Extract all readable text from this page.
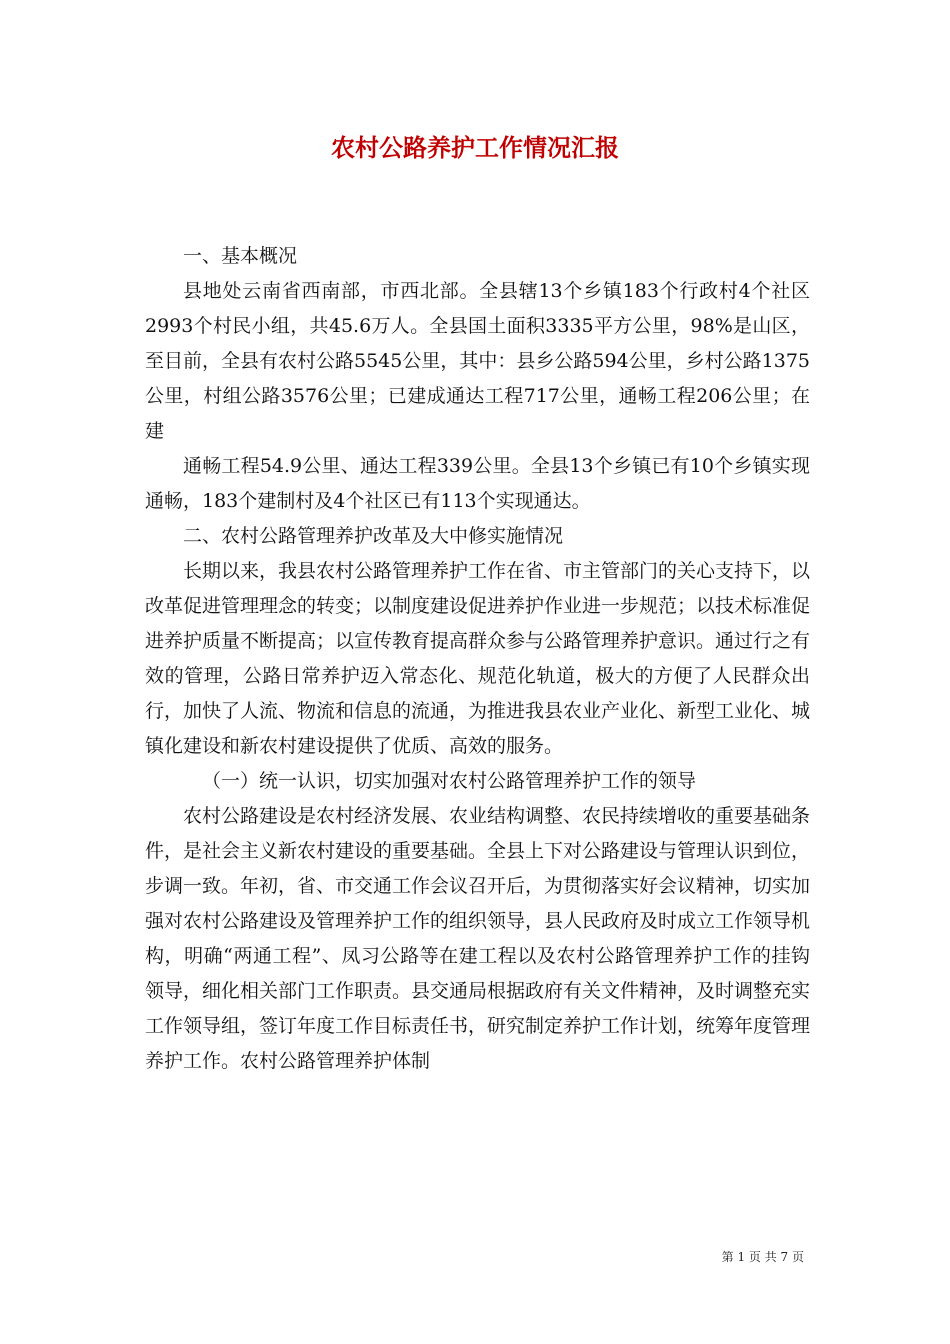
农村公路养护工作情况汇报

一、基本概况

县地处云南省西南部，市西北部。全县辖13个乡镇183个行政村4个社区2993个村民小组，共45.6万人。全县国土面积3335平方公里，98%是山区，至目前，全县有农村公路5545公里，其中：县乡公路594公里，乡村公路1375公里，村组公路3576公里；已建成通达工程717公里，通畅工程206公里；在建

通畅工程54.9公里、通达工程339公里。全县13个乡镇已有10个乡镇实现通畅，183个建制村及4个社区已有113个实现通达。

二、农村公路管理养护改革及大中修实施情况

长期以来，我县农村公路管理养护工作在省、市主管部门的关心支持下，以改革促进管理理念的转变；以制度建设促进养护作业进一步规范；以技术标准促进养护质量不断提高；以宣传教育提高群众参与公路管理养护意识。通过行之有效的管理，公路日常养护迈入常态化、规范化轨道，极大的方便了人民群众出行，加快了人流、物流和信息的流通，为推进我县农业产业化、新型工业化、城镇化建设和新农村建设提供了优质、高效的服务。

（一）统一认识，切实加强对农村公路管理养护工作的领导

农村公路建设是农村经济发展、农业结构调整、农民持续增收的重要基础条件，是社会主义新农村建设的重要基础。全县上下对公路建设与管理认识到位，步调一致。年初，省、市交通工作会议召开后，为贯彻落实好会议精神，切实加强对农村公路建设及管理养护工作的组织领导，县人民政府及时成立工作领导机构，明确“两通工程”、凤习公路等在建工程以及农村公路管理养护工作的挂钩领导，细化相关部门工作职责。县交通局根据政府有关文件精神，及时调整充实工作领导组，签订年度工作目标责任书，研究制定养护工作计划，统筹年度管理养护工作。农村公路管理养护体制

第 1 页 共 7 页
